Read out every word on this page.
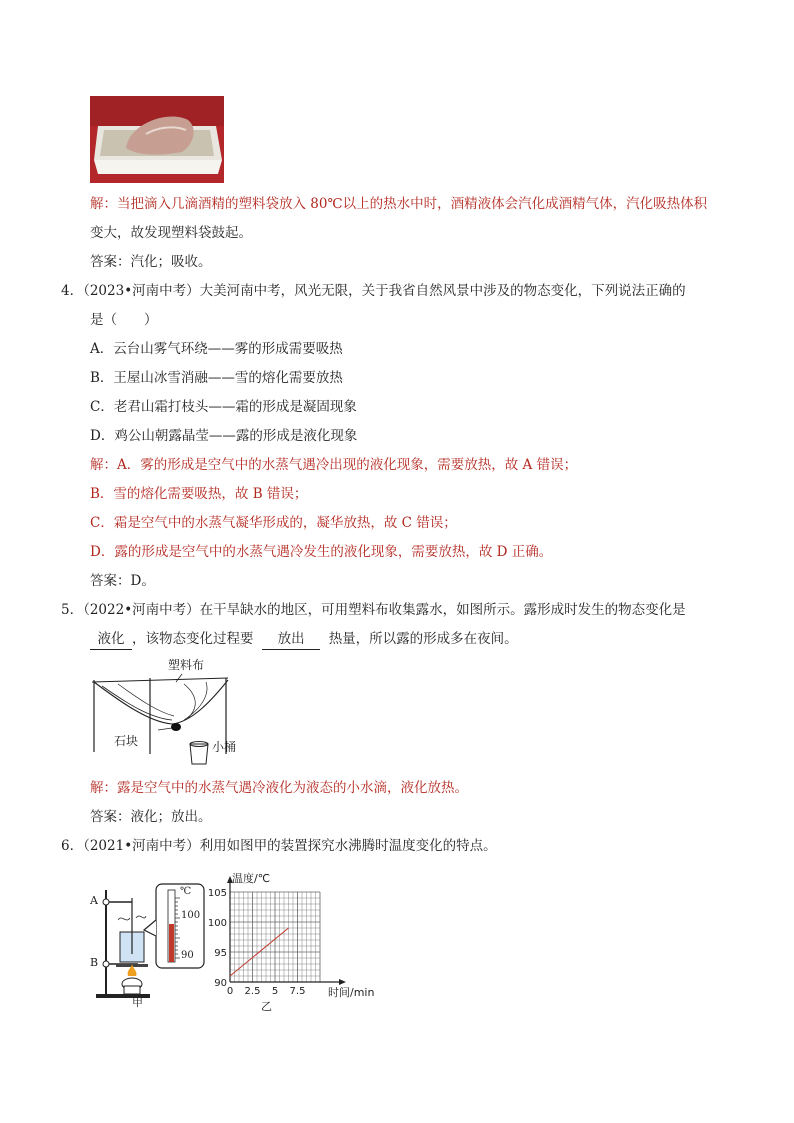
解：当把滴入几滴酒精的塑料袋放入 80℃以上的热水中时，酒精液体会汽化成酒精气体，汽化吸热体积
变大，故发现塑料袋鼓起。
答案：汽化；吸收。
4．（2023•河南中考）大美河南中考，风光无限，关于我省自然风景中涉及的物态变化，下列说法正确的
是（　　）
A．云台山雾气环绕——雾的形成需要吸热
B．王屋山冰雪消融——雪的熔化需要放热
C．老君山霜打枝头——霜的形成是凝固现象
D．鸡公山朝露晶莹——露的形成是液化现象
解：A．雾的形成是空气中的水蒸气遇冷出现的液化现象，需要放热，故 A 错误；
B．雪的熔化需要吸热，故 B 错误；
C．霜是空气中的水蒸气凝华形成的，凝华放热，故 C 错误；
D．露的形成是空气中的水蒸气遇冷发生的液化现象，需要放热，故 D 正确。
答案：D。
5．（2022•河南中考）在干旱缺水的地区，可用塑料布收集露水，如图所示。露形成时发生的物态变化是
液化 ，该物态变化过程要 放出 热量，所以露的形成多在夜间。
塑料布
石块	小桶
解：露是空气中的水蒸气遇冷液化为液态的小水滴，液化放热。
答案：液化；放出。
6．（2021•河南中考）利用如图甲的装置探究水沸腾时温度变化的特点。
A
B
℃
100
90
甲
90
95
100
105
0 2.5 5 7.5
温度/℃
时间/min
乙
